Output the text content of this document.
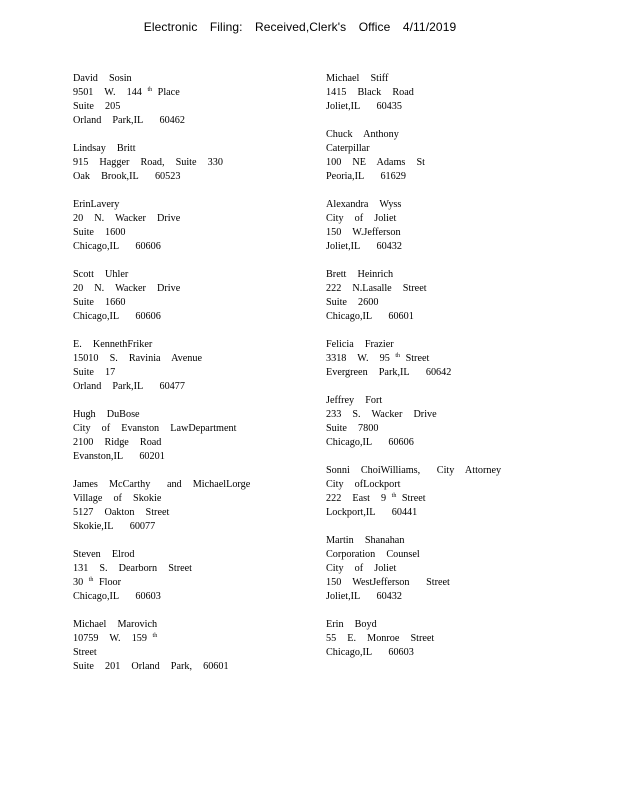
Electronic Filing: Received,Clerk's Office 4/11/2019
David  Sosin
9501  W.  144 $^{th}$ Place
Suite  205
Orland  Park,IL   60462
Lindsay  Britt
915  Hagger  Road,  Suite  330
Oak  Brook,IL   60523
ErinLavery
20  N.  Wacker  Drive
Suite  1600
Chicago,IL   60606
Scott  Uhler
20  N.  Wacker  Drive
Suite  1660
Chicago,IL   60606
E.  KennethFriker
15010  S.  Ravinia  Avenue
Suite  17
Orland  Park,IL   60477
Hugh  DuBose
City  of  Evanston  LawDepartment
2100  Ridge  Road
Evanston,IL   60201
James  McCarthy   and  MichaelLorge
Village  of  Skokie
5127  Oakton  Street
Skokie,IL   60077
Steven  Elrod
131  S.  Dearborn  Street
30 $^{th}$ Floor
Chicago,IL   60603
Michael  Marovich
10759  W.  159 $^{th}$
Street
Suite  201  Orland  Park,  60601
Michael  Stiff
1415  Black  Road
Joliet,IL   60435
Chuck  Anthony
Caterpillar
100  NE  Adams  St
Peoria,IL   61629
Alexandra  Wyss
City  of  Joliet
150  W.Jefferson
Joliet,IL   60432
Brett  Heinrich
222  N.Lasalle  Street
Suite  2600
Chicago,IL   60601
Felicia  Frazier
3318  W.  95 $^{th}$ Street
Evergreen  Park,IL   60642
Jeffrey  Fort
233  S.  Wacker  Drive
Suite  7800
Chicago,IL   60606
Sonni  ChoiWilliams,   City  Attorney
City  ofLockport
222  East  9 $^{th}$ Street
Lockport,IL   60441
Martin  Shanahan
Corporation  Counsel
City  of  Joliet
150  WestJefferson   Street
Joliet,IL   60432
Erin  Boyd
55  E.  Monroe  Street
Chicago,IL   60603
